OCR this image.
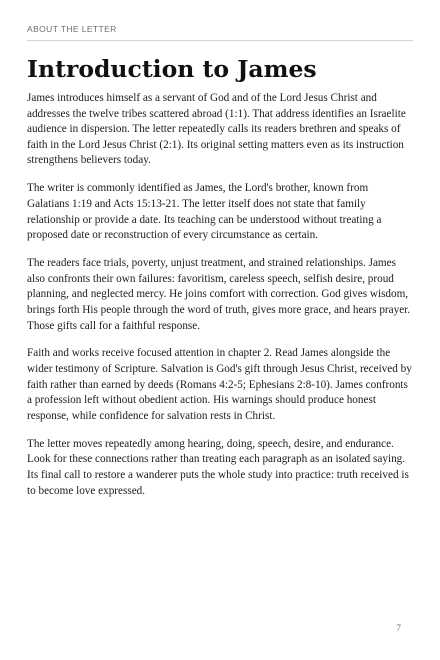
ABOUT THE LETTER
Introduction to James

James introduces himself as a servant of God and of the Lord Jesus Christ and addresses the twelve tribes scattered abroad (1:1). That address identifies an Israelite audience in dispersion. The letter repeatedly calls its readers brethren and speaks of faith in the Lord Jesus Christ (2:1). Its original setting matters even as its instruction strengthens believers today.

The writer is commonly identified as James, the Lord's brother, known from Galatians 1:19 and Acts 15:13-21. The letter itself does not state that family relationship or provide a date. Its teaching can be understood without treating a proposed date or reconstruction of every circumstance as certain.

The readers face trials, poverty, unjust treatment, and strained relationships. James also confronts their own failures: favoritism, careless speech, selfish desire, proud planning, and neglected mercy. He joins comfort with correction. God gives wisdom, brings forth His people through the word of truth, gives more grace, and hears prayer. Those gifts call for a faithful response.

Faith and works receive focused attention in chapter 2. Read James alongside the wider testimony of Scripture. Salvation is God's gift through Jesus Christ, received by faith rather than earned by deeds (Romans 4:2-5; Ephesians 2:8-10). James confronts a profession left without obedient action. His warnings should produce honest response, while confidence for salvation rests in Christ.

The letter moves repeatedly among hearing, doing, speech, desire, and endurance. Look for these connections rather than treating each paragraph as an isolated saying. Its final call to restore a wanderer puts the whole study into practice: truth received is to become love expressed.

7
